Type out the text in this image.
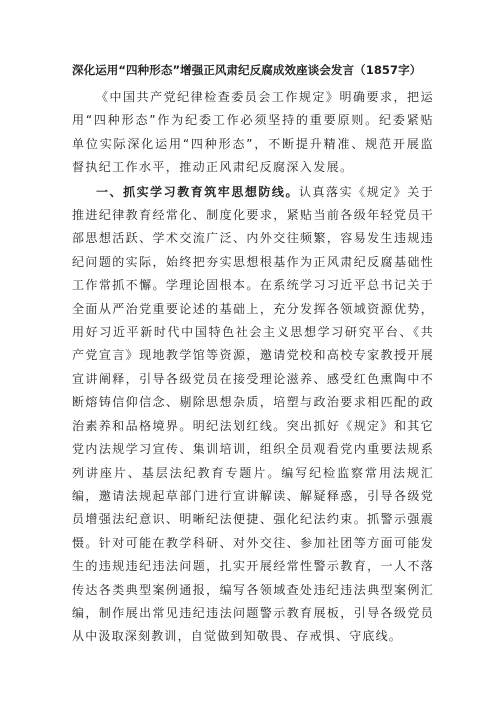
深化运用“四种形态”增强正风肃纪反腐成效座谈会发言（1857字）

《中国共产党纪律检查委员会工作规定》明确要求，把运用“四种形态”作为纪委工作必须坚持的重要原则。纪委紧贴单位实际深化运用“四种形态”，不断提升精准、规范开展监督执纪工作水平，推动正风肃纪反腐深入发展。

一、抓实学习教育筑牢思想防线。认真落实《规定》关于推进纪律教育经常化、制度化要求，紧贴当前各级年轻党员干部思想活跃、学术交流广泛、内外交往频繁，容易发生违规违纪问题的实际，始终把夯实思想根基作为正风肃纪反腐基础性工作常抓不懈。学理论固根本。在系统学习习近平总书记关于全面从严治党重要论述的基础上，充分发挥各领域资源优势，用好习近平新时代中国特色社会主义思想学习研究平台、《共产党宣言》现地教学馆等资源，邀请党校和高校专家教授开展宣讲阐释，引导各级党员在接受理论滋养、感受红色熏陶中不断熔铸信仰信念、剔除思想杂质，培塑与政治要求相匹配的政治素养和品格境界。明纪法划红线。突出抓好《规定》和其它党内法规学习宣传、集训培训，组织全员观看党内重要法规系列讲座片、基层法纪教育专题片。编写纪检监察常用法规汇编，邀请法规起草部门进行宣讲解读、解疑释惑，引导各级党员增强法纪意识、明晰纪法便捷、强化纪法约束。抓警示强震慑。针对可能在教学科研、对外交往、参加社团等方面可能发生的违规违纪违法问题，扎实开展经常性警示教育，一人不落传达各类典型案例通报，编写各领域查处违纪违法典型案例汇编，制作展出常见违纪违法问题警示教育展板，引导各级党员从中汲取深刻教训，自觉做到知敬畏、存戒惧、守底线。
